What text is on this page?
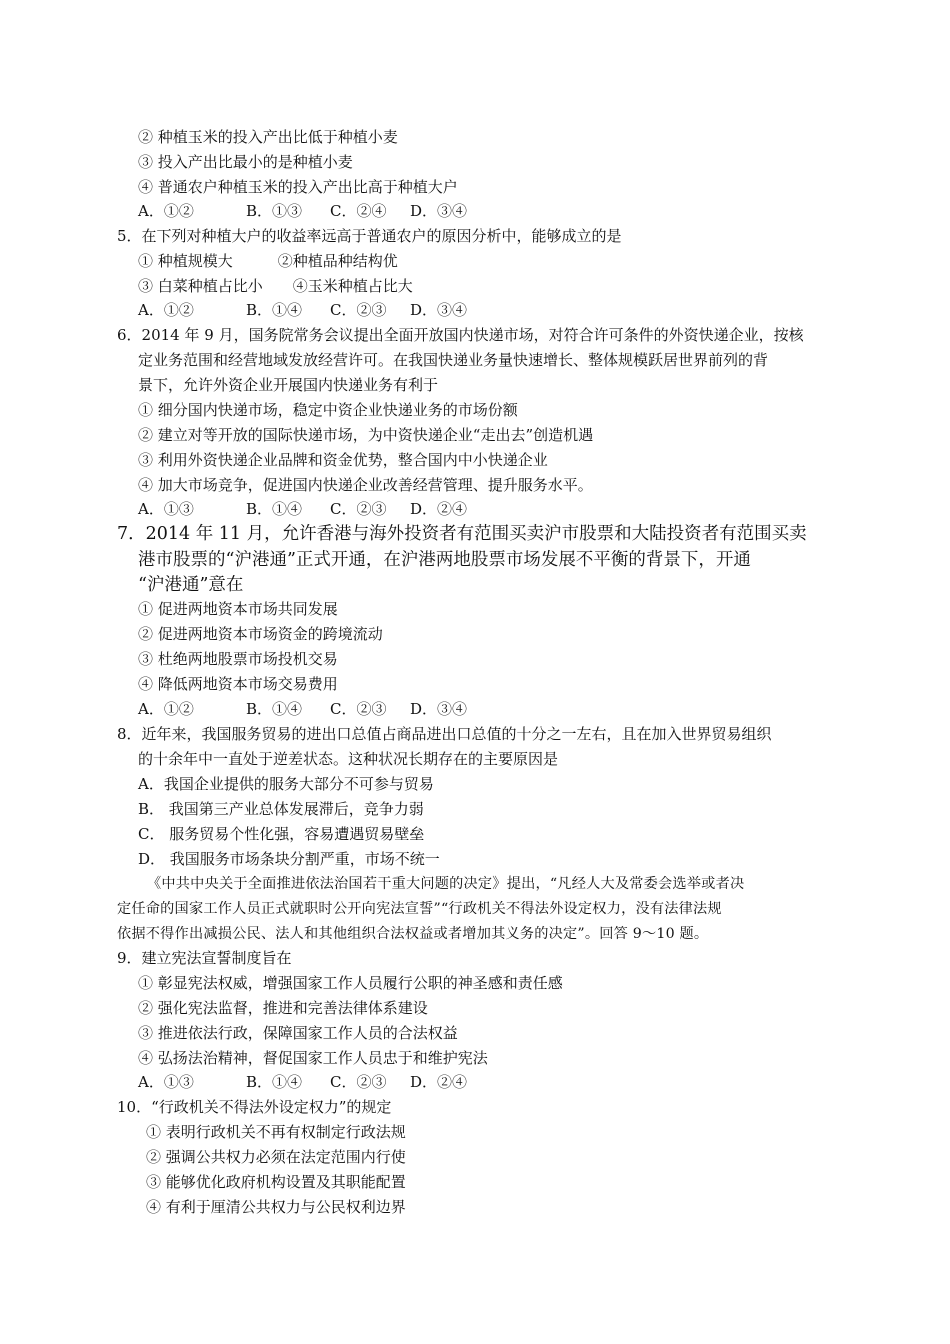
② 种植玉米的投入产出比低于种植小麦

③ 投入产出比最小的是种植小麦

④ 普通农户种植玉米的投入产出比高于种植大户

A．①②	B．①③	C．②④	D．③④

5．在下列对种植大户的收益率远高于普通农户的原因分析中，能够成立的是

① 种植规模大　　　②种植品种结构优

③ 白菜种植占比小　　④玉米种植占比大

A．①②	B．①④	C．②③	D．③④

6．2014 年 9 月，国务院常务会议提出全面开放国内快递市场，对符合许可条件的外资快递企业，按核

定业务范围和经营地域发放经营许可。在我国快递业务量快速增长、整体规模跃居世界前列的背

景下，允许外资企业开展国内快递业务有利于

① 细分国内快递市场，稳定中资企业快递业务的市场份额

② 建立对等开放的国际快递市场，为中资快递企业“走出去”创造机遇

③ 利用外资快递企业品牌和资金优势，整合国内中小快递企业

④ 加大市场竞争，促进国内快递企业改善经营管理、提升服务水平。

A．①③	B．①④	C．②③	D．②④

7．2014 年 11 月，允许香港与海外投资者有范围买卖沪市股票和大陆投资者有范围买卖

港市股票的“沪港通”正式开通，在沪港两地股票市场发展不平衡的背景下，开通

“沪港通”意在

① 促进两地资本市场共同发展

② 促进两地资本市场资金的跨境流动

③ 杜绝两地股票市场投机交易

④ 降低两地资本市场交易费用

A．①②	B．①④	C．②③	D．③④

8．近年来，我国服务贸易的进出口总值占商品进出口总值的十分之一左右，且在加入世界贸易组织

的十余年中一直处于逆差状态。这种状况长期存在的主要原因是

A．我国企业提供的服务大部分不可参与贸易

B． 我国第三产业总体发展滞后，竞争力弱

C． 服务贸易个性化强，容易遭遇贸易壁垒

D． 我国服务市场条块分割严重，市场不统一

《中共中央关于全面推进依法治国若干重大问题的决定》提出，“凡经人大及常委会选举或者决

定任命的国家工作人员正式就职时公开向宪法宣誓”“行政机关不得法外设定权力，没有法律法规

依据不得作出减损公民、法人和其他组织合法权益或者增加其义务的决定”。回答 9～10 题。

9．建立宪法宣誓制度旨在

① 彰显宪法权威，增强国家工作人员履行公职的神圣感和责任感

② 强化宪法监督，推进和完善法律体系建设

③ 推进依法行政，保障国家工作人员的合法权益

④ 弘扬法治精神，督促国家工作人员忠于和维护宪法

A．①③	B．①④	C．②③	D．②④

10．“行政机关不得法外设定权力”的规定

① 表明行政机关不再有权制定行政法规

② 强调公共权力必须在法定范围内行使

③ 能够优化政府机构设置及其职能配置

④ 有利于厘清公共权力与公民权利边界
